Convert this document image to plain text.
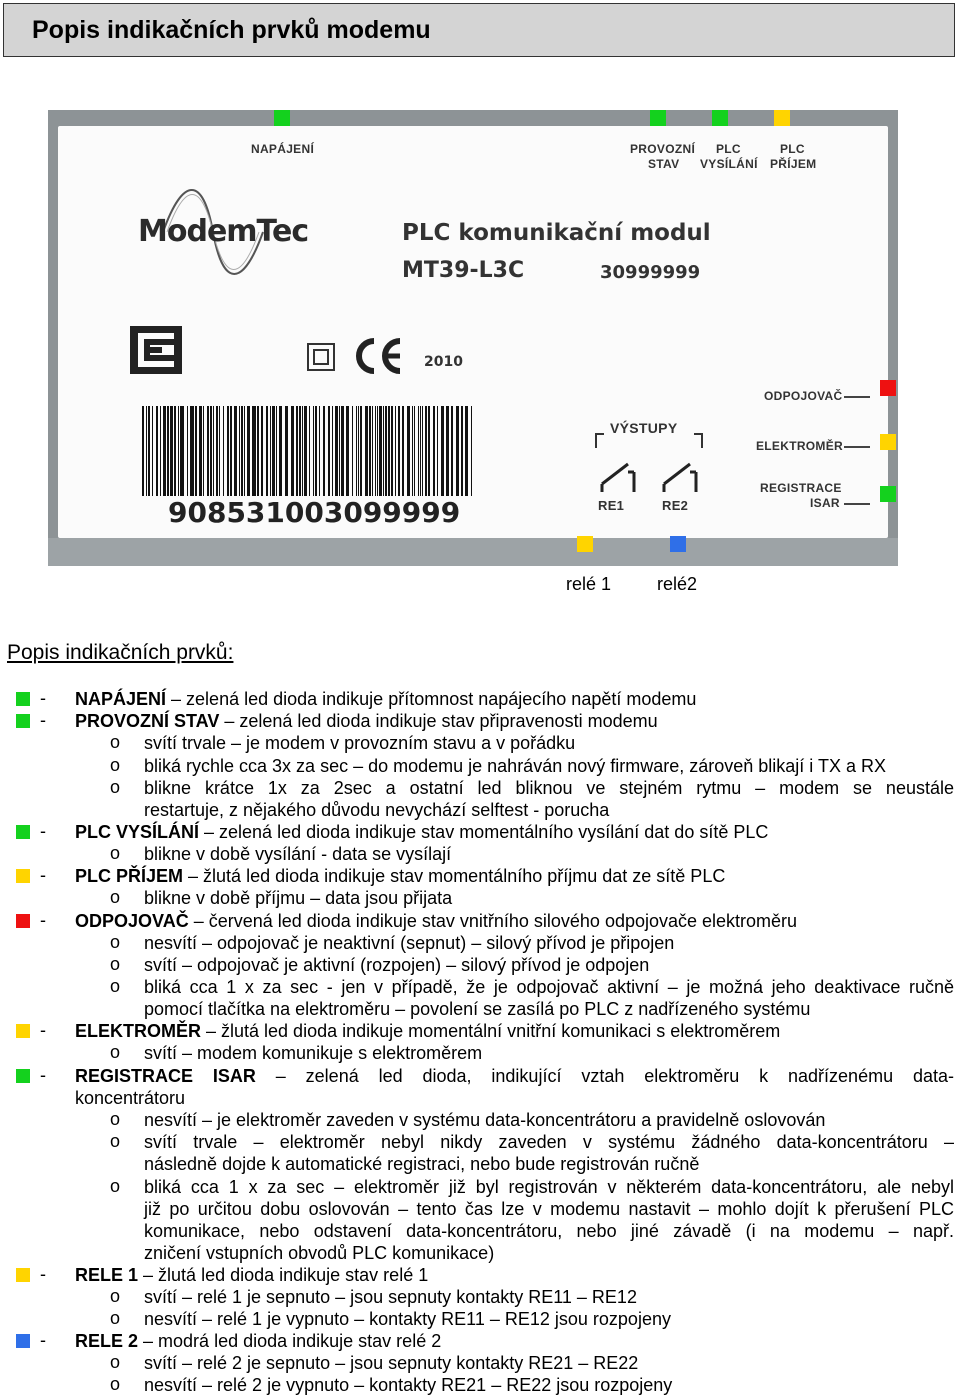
Popis indikačních prvků modemu
NAPÁJENÍ	PROVOZNÍ
STAV
PLC
VYSÍLÁNÍ
PLC
PŘÍJEM
ModemTec	PLC komunikační modul
MT39-L3C	30999999
2010
908531003099999
VÝSTUPY
RE1	RE2
ODPOJOVAČ
ELEKTROMĚR
REGISTRACE
ISAR
relé 1	relé2
Popis indikačních prvků:
- NAPÁJENÍ – zelená led dioda indikuje přítomnost napájecího napětí modemu
- PROVOZNÍ STAV – zelená led dioda indikuje stav připravenosti modemu
o svítí trvale – je modem v provozním stavu a v pořádku
o bliká rychle cca 3x za sec – do modemu je nahráván nový firmware, zároveň blikají i TX a RX
o blikne krátce 1x za 2sec a ostatní led bliknou ve stejném rytmu – modem se neustále
restartuje, z nějakého důvodu nevychází selftest - porucha
- PLC VYSÍLÁNÍ – zelená led dioda indikuje stav momentálního vysílání dat do sítě PLC
o blikne v době vysílání - data se vysílají
- PLC PŘÍJEM – žlutá led dioda indikuje stav momentálního příjmu dat ze sítě PLC
o blikne v době příjmu – data jsou přijata
- ODPOJOVAČ – červená led dioda indikuje stav vnitřního silového odpojovače elektroměru
o nesvítí – odpojovač je neaktivní (sepnut) – silový přívod je připojen
o svítí – odpojovač je aktivní (rozpojen) – silový přívod je odpojen
o bliká cca 1 x za sec - jen v případě, že je odpojovač aktivní – je možná jeho deaktivace ručně
pomocí tlačítka na elektroměru – povolení se zasílá po PLC z nadřízeného systému
- ELEKTROMĚR – žlutá led dioda indikuje momentální vnitřní komunikaci s elektroměrem
o svítí – modem komunikuje s elektroměrem
- REGISTRACE ISAR – zelená led dioda, indikující vztah elektroměru k nadřízenému data-
koncentrátoru
o nesvítí – je elektroměr zaveden v systému data-koncentrátoru a pravidelně oslovován
o svítí trvale – elektroměr nebyl nikdy zaveden v systému žádného data-koncentrátoru –
následně dojde k automatické registraci, nebo bude registrován ručně
o bliká cca 1 x za sec – elektroměr již byl registrován v některém data-koncentrátoru, ale nebyl
již po určitou dobu oslovován – tento čas lze v modemu nastavit – mohlo dojít k přerušení PLC
komunikace, nebo odstavení data-koncentrátoru, nebo jiné závadě (i na modemu – např.
zničení vstupních obvodů PLC komunikace)
- RELE 1 – žlutá led dioda indikuje stav relé 1
o svítí – relé 1 je sepnuto – jsou sepnuty kontakty RE11 – RE12
o nesvítí – relé 1 je vypnuto – kontakty RE11 – RE12 jsou rozpojeny
- RELE 2 – modrá led dioda indikuje stav relé 2
o svítí – relé 2 je sepnuto – jsou sepnuty kontakty RE21 – RE22
o nesvítí – relé 2 je vypnuto – kontakty RE21 – RE22 jsou rozpojeny
